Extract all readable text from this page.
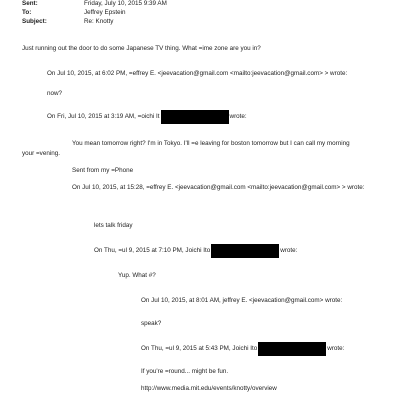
Sent:	Friday, July 10, 2015 9:39 AM
To:	Jeffrey Epstein
Subject:	Re: Knotty
Just running out the door to do some Japanese TV thing. What =ime zone are you in?
On Jul 10, 2015, at 6:02 PM, =effrey E. <jeevacation@gmail.com <mailto:jeevacation@gmail.com> > wrote:
now?
On Fri, Jul 10, 2015 at 3:19 AM, =oichi It	wrote:
You mean tomorrow right? I'm in Tokyo. I'll =e leaving for boston tomorrow but I can call my morning
your =vening.
Sent from my =Phone
On Jul 10, 2015, at 15:28, =effrey E. <jeevacation@gmail.com <mailto:jeevacation@gmail.com> > wrote:
lets talk friday
On Thu, =ul 9, 2015 at 7:10 PM, Joichi Ito	wrote:
Yup. What #?
On Jul 10, 2015, at 8:01 AM, jeffrey E. <jeevacation@gmail.com> wrote:
speak?
On Thu, =ul 9, 2015 at 5:43 PM, Joichi Ito	wrote:
If you're =round... might be fun.
http://www.media.mit.edu/events/knotty/overview
